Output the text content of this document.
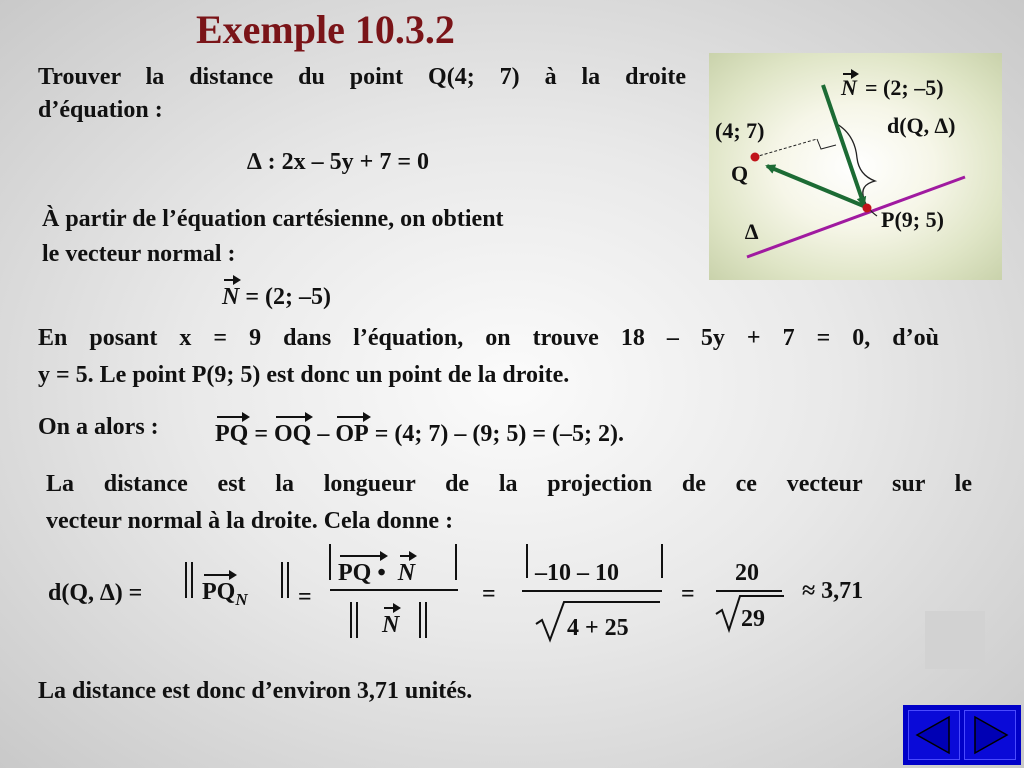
Exemple 10.3.2
Trouver la distance du point Q(4; 7) à la droite
d’équation :
∆ : 2x – 5y + 7 = 0
À partir de l’équation cartésienne, on obtient
le vecteur normal :
N = (2; –5)
En posant x = 9 dans l’équation, on trouve 18 – 5y + 7 = 0, d’où
y = 5. Le point P(9; 5) est donc un point de la droite.
On a alors : PQ = OQ – OP = (4; 7) – (9; 5) = (–5; 2).
La distance est la longueur de la projection de ce vecteur sur le
vecteur normal à la droite. Cela donne :
d(Q, ∆) = $PQ_N$ =
PQ • N
N
=
–10 – 10
4 + 25
=
20
29
≈ 3,71
La distance est donc d’environ 3,71 unités.
N = (2; –5)
(4; 7)
Q
d(Q, ∆)
P(9; 5)
∆
